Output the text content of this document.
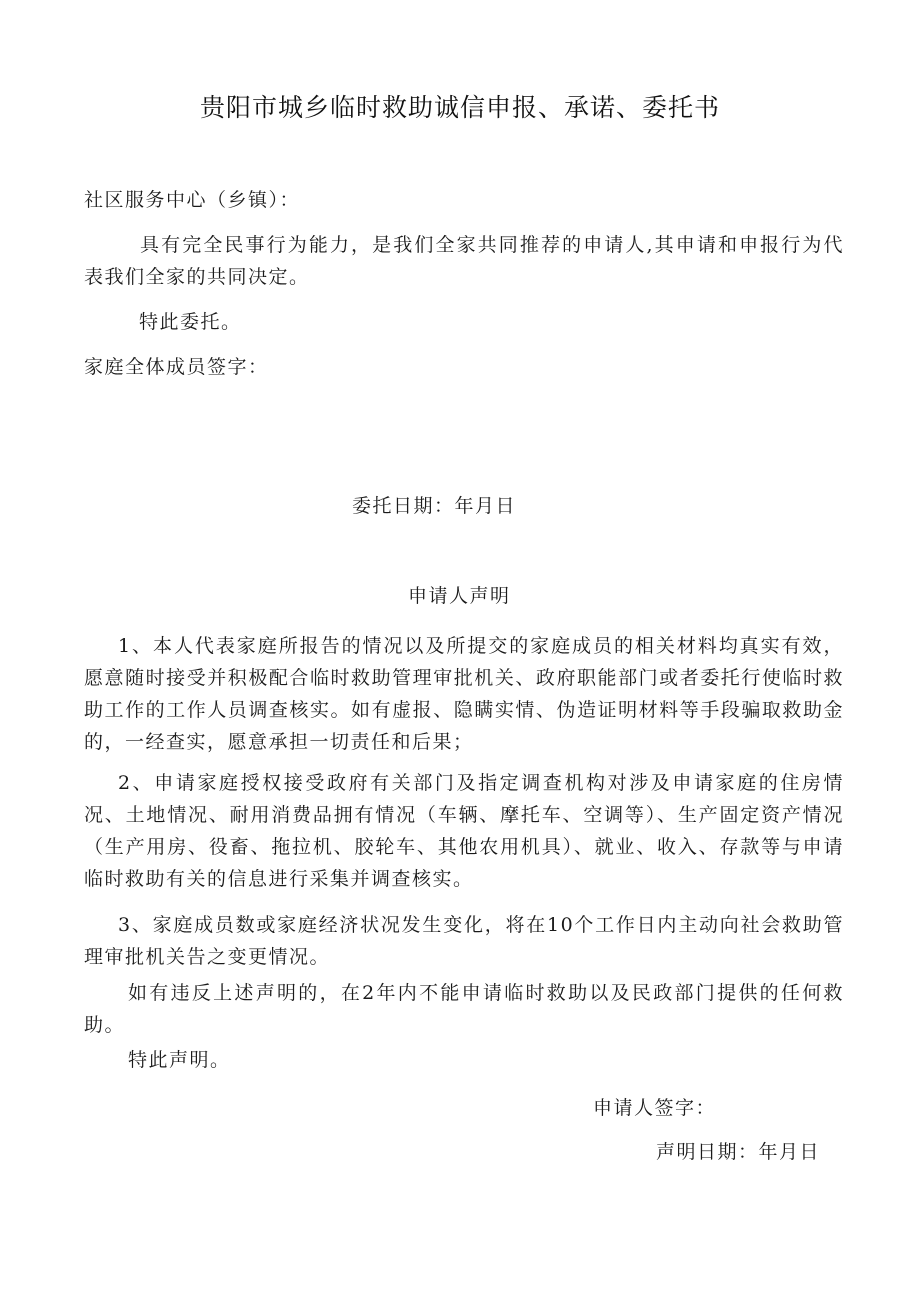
贵阳市城乡临时救助诚信申报、承诺、委托书
社区服务中心（乡镇）：
具有完全民事行为能力，是我们全家共同推荐的申请人,其申请和申报行为代表我们全家的共同决定。
特此委托。
家庭全体成员签字：
委托日期：年月日
申请人声明
1、本人代表家庭所报告的情况以及所提交的家庭成员的相关材料均真实有效，愿意随时接受并积极配合临时救助管理审批机关、政府职能部门或者委托行使临时救助工作的工作人员调查核实。如有虚报、隐瞒实情、伪造证明材料等手段骗取救助金的，一经查实，愿意承担一切责任和后果；
2、申请家庭授权接受政府有关部门及指定调查机构对涉及申请家庭的住房情况、土地情况、耐用消费品拥有情况（车辆、摩托车、空调等）、生产固定资产情况（生产用房、役畜、拖拉机、胶轮车、其他农用机具）、就业、收入、存款等与申请临时救助有关的信息进行采集并调查核实。
3、家庭成员数或家庭经济状况发生变化，将在10个工作日内主动向社会救助管理审批机关告之变更情况。
如有违反上述声明的，在2年内不能申请临时救助以及民政部门提供的任何救助。
特此声明。
申请人签字：
声明日期：年月日
